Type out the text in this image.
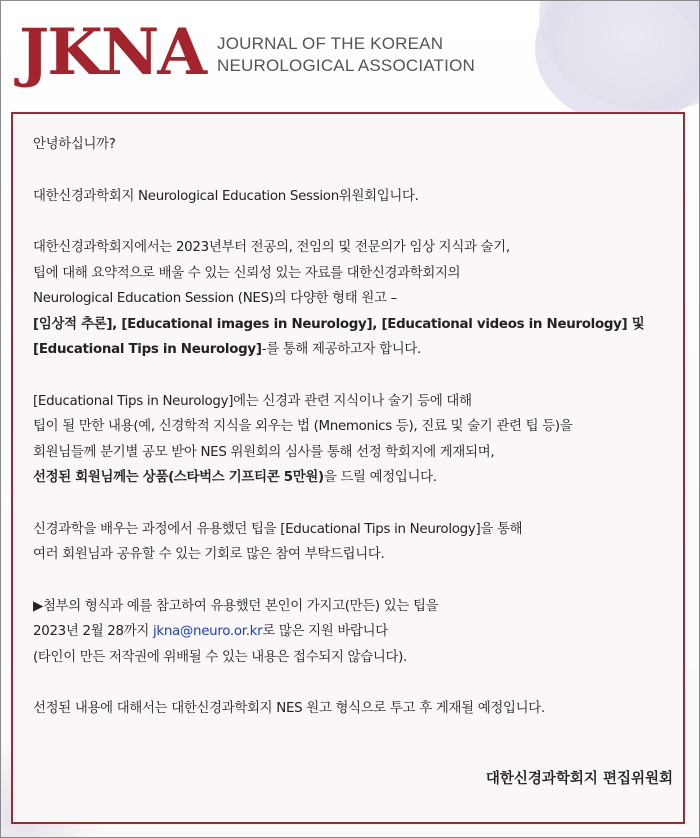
JKNA JOURNAL OF THE KOREAN
NEUROLOGICAL ASSOCIATION

안녕하십니까?

대한신경과학회지 Neurological Education Session위원회입니다.

대한신경과학회지에서는 2023년부터 전공의, 전임의 및 전문의가 임상 지식과 술기,

팁에 대해 요약적으로 배울 수 있는 신뢰성 있는 자료를 대한신경과학회지의

Neurological Education Session (NES)의 다양한 형태 원고 –

[임상적 추론], [Educational images in Neurology], [Educational videos in Neurology] 및

[Educational Tips in Neurology]-를 통해 제공하고자 합니다.

[Educational Tips in Neurology]에는 신경과 관련 지식이나 술기 등에 대해

팁이 될 만한 내용(예, 신경학적 지식을 외우는 법 (Mnemonics 등), 진료 및 술기 관련 팁 등)을

회원님들께 분기별 공모 받아 NES 위원회의 심사를 통해 선정 학회지에 게재되며,

선정된 회원님께는 상품(스타벅스 기프티콘 5만원)을 드릴 예정입니다.

신경과학을 배우는 과정에서 유용했던 팁을 [Educational Tips in Neurology]을 통해

여러 회원님과 공유할 수 있는 기회로 많은 참여 부탁드립니다.

▶첨부의 형식과 예를 참고하여 유용했던 본인이 가지고(만든) 있는 팁을

2023년 2월 28까지 jkna@neuro.or.kr로 많은 지원 바랍니다

(타인이 만든 저작권에 위배될 수 있는 내용은 접수되지 않습니다).

선정된 내용에 대해서는 대한신경과학회지 NES 원고 형식으로 투고 후 게재될 예정입니다.

대한신경과학회지 편집위원회
